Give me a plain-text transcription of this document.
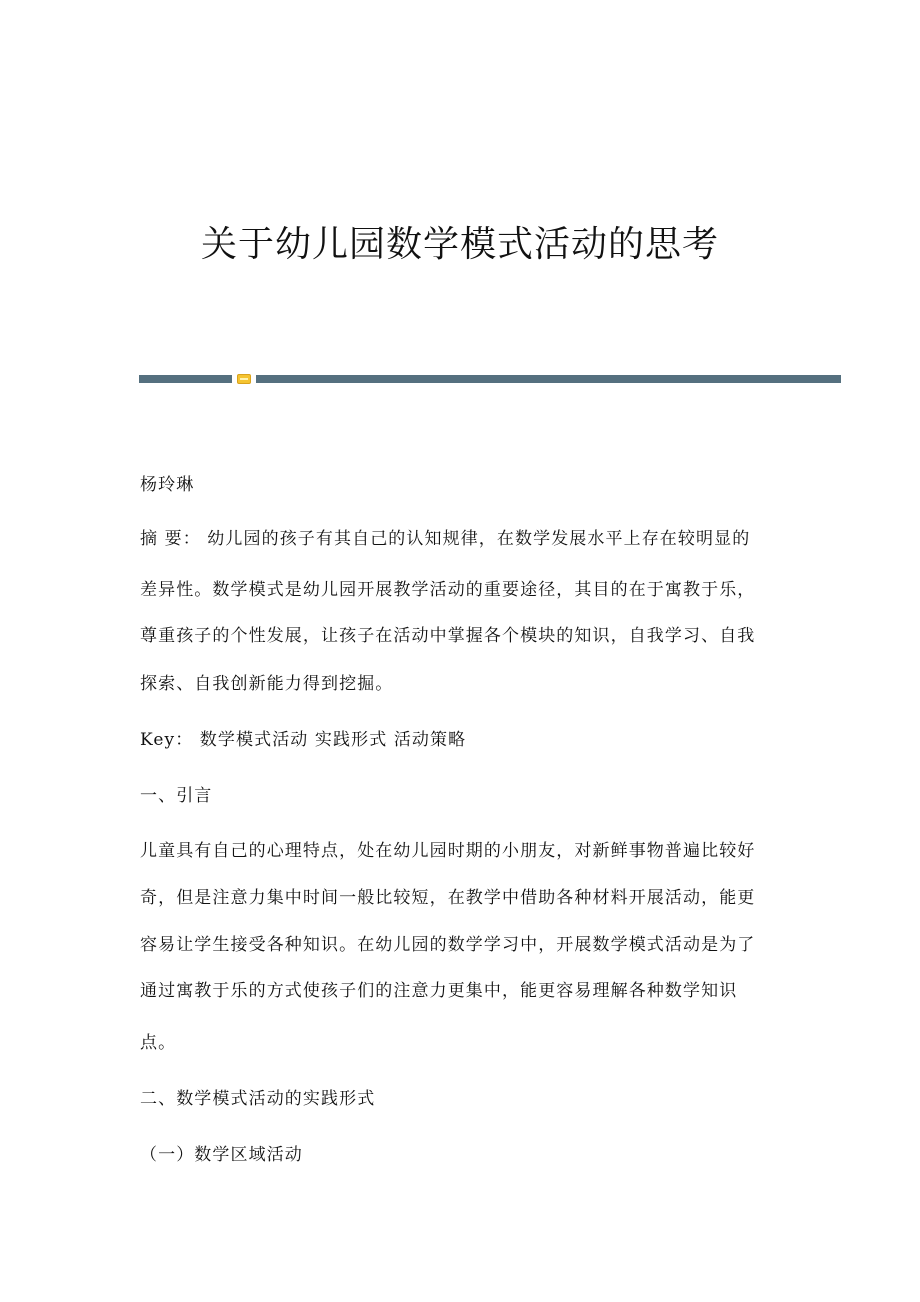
关于幼儿园数学模式活动的思考
杨玲琳
摘 要： 幼儿园的孩子有其自己的认知规律，在数学发展水平上存在较明显的
差异性。数学模式是幼儿园开展教学活动的重要途径，其目的在于寓教于乐，
尊重孩子的个性发展，让孩子在活动中掌握各个模块的知识，自我学习、自我
探索、自我创新能力得到挖掘。
Key： 数学模式活动 实践形式 活动策略
一、引言
儿童具有自己的心理特点，处在幼儿园时期的小朋友，对新鲜事物普遍比较好
奇，但是注意力集中时间一般比较短，在教学中借助各种材料开展活动，能更
容易让学生接受各种知识。在幼儿园的数学学习中，开展数学模式活动是为了
通过寓教于乐的方式使孩子们的注意力更集中，能更容易理解各种数学知识
点。
二、数学模式活动的实践形式
（一）数学区域活动
